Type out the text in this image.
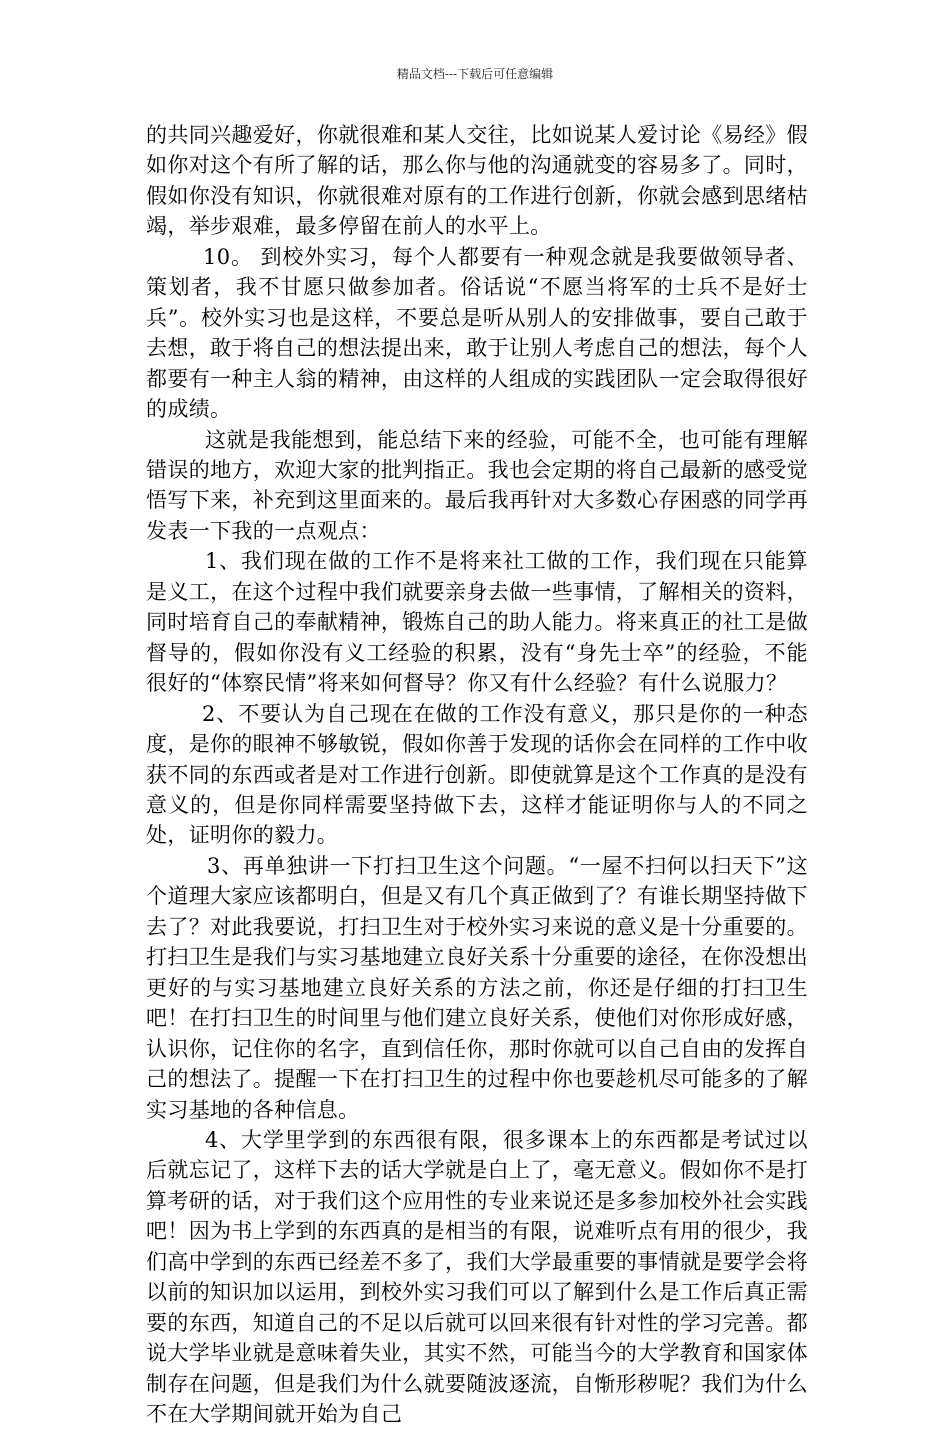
精品文档---下载后可任意编辑

的共同兴趣爱好，你就很难和某人交往，比如说某人爱讨论《易经》假如你对这个有所了解的话，那么你与他的沟通就变的容易多了。同时，假如你没有知识，你就很难对原有的工作进行创新，你就会感到思绪枯竭，举步艰难，最多停留在前人的水平上。

10。 到校外实习，每个人都要有一种观念就是我要做领导者、策划者，我不甘愿只做参加者。俗话说“不愿当将军的士兵不是好士兵”。校外实习也是这样，不要总是听从别人的安排做事，要自己敢于去想，敢于将自己的想法提出来，敢于让别人考虑自己的想法，每个人都要有一种主人翁的精神，由这样的人组成的实践团队一定会取得很好的成绩。

这就是我能想到，能总结下来的经验，可能不全，也可能有理解错误的地方，欢迎大家的批判指正。我也会定期的将自己最新的感受觉悟写下来，补充到这里面来的。最后我再针对大多数心存困惑的同学再发表一下我的一点观点：

1、我们现在做的工作不是将来社工做的工作，我们现在只能算是义工，在这个过程中我们就要亲身去做一些事情，了解相关的资料，同时培育自己的奉献精神，锻炼自己的助人能力。将来真正的社工是做督导的，假如你没有义工经验的积累，没有“身先士卒”的经验，不能很好的“体察民情”将来如何督导？你又有什么经验？有什么说服力？

2、不要认为自己现在在做的工作没有意义，那只是你的一种态度，是你的眼神不够敏锐，假如你善于发现的话你会在同样的工作中收获不同的东西或者是对工作进行创新。即使就算是这个工作真的是没有意义的，但是你同样需要坚持做下去，这样才能证明你与人的不同之处，证明你的毅力。

3、再单独讲一下打扫卫生这个问题。“一屋不扫何以扫天下”这个道理大家应该都明白，但是又有几个真正做到了？有谁长期坚持做下去了？对此我要说，打扫卫生对于校外实习来说的意义是十分重要的。打扫卫生是我们与实习基地建立良好关系十分重要的途径，在你没想出更好的与实习基地建立良好关系的方法之前，你还是仔细的打扫卫生吧！在打扫卫生的时间里与他们建立良好关系，使他们对你形成好感，认识你，记住你的名字，直到信任你，那时你就可以自己自由的发挥自己的想法了。提醒一下在打扫卫生的过程中你也要趁机尽可能多的了解实习基地的各种信息。

4、大学里学到的东西很有限，很多课本上的东西都是考试过以后就忘记了，这样下去的话大学就是白上了，毫无意义。假如你不是打算考研的话，对于我们这个应用性的专业来说还是多参加校外社会实践吧！因为书上学到的东西真的是相当的有限，说难听点有用的很少，我们高中学到的东西已经差不多了，我们大学最重要的事情就是要学会将以前的知识加以运用，到校外实习我们可以了解到什么是工作后真正需要的东西，知道自己的不足以后就可以回来很有针对性的学习完善。都说大学毕业就是意味着失业，其实不然，可能当今的大学教育和国家体制存在问题，但是我们为什么就要随波逐流，自惭形秽呢？我们为什么不在大学期间就开始为自己
